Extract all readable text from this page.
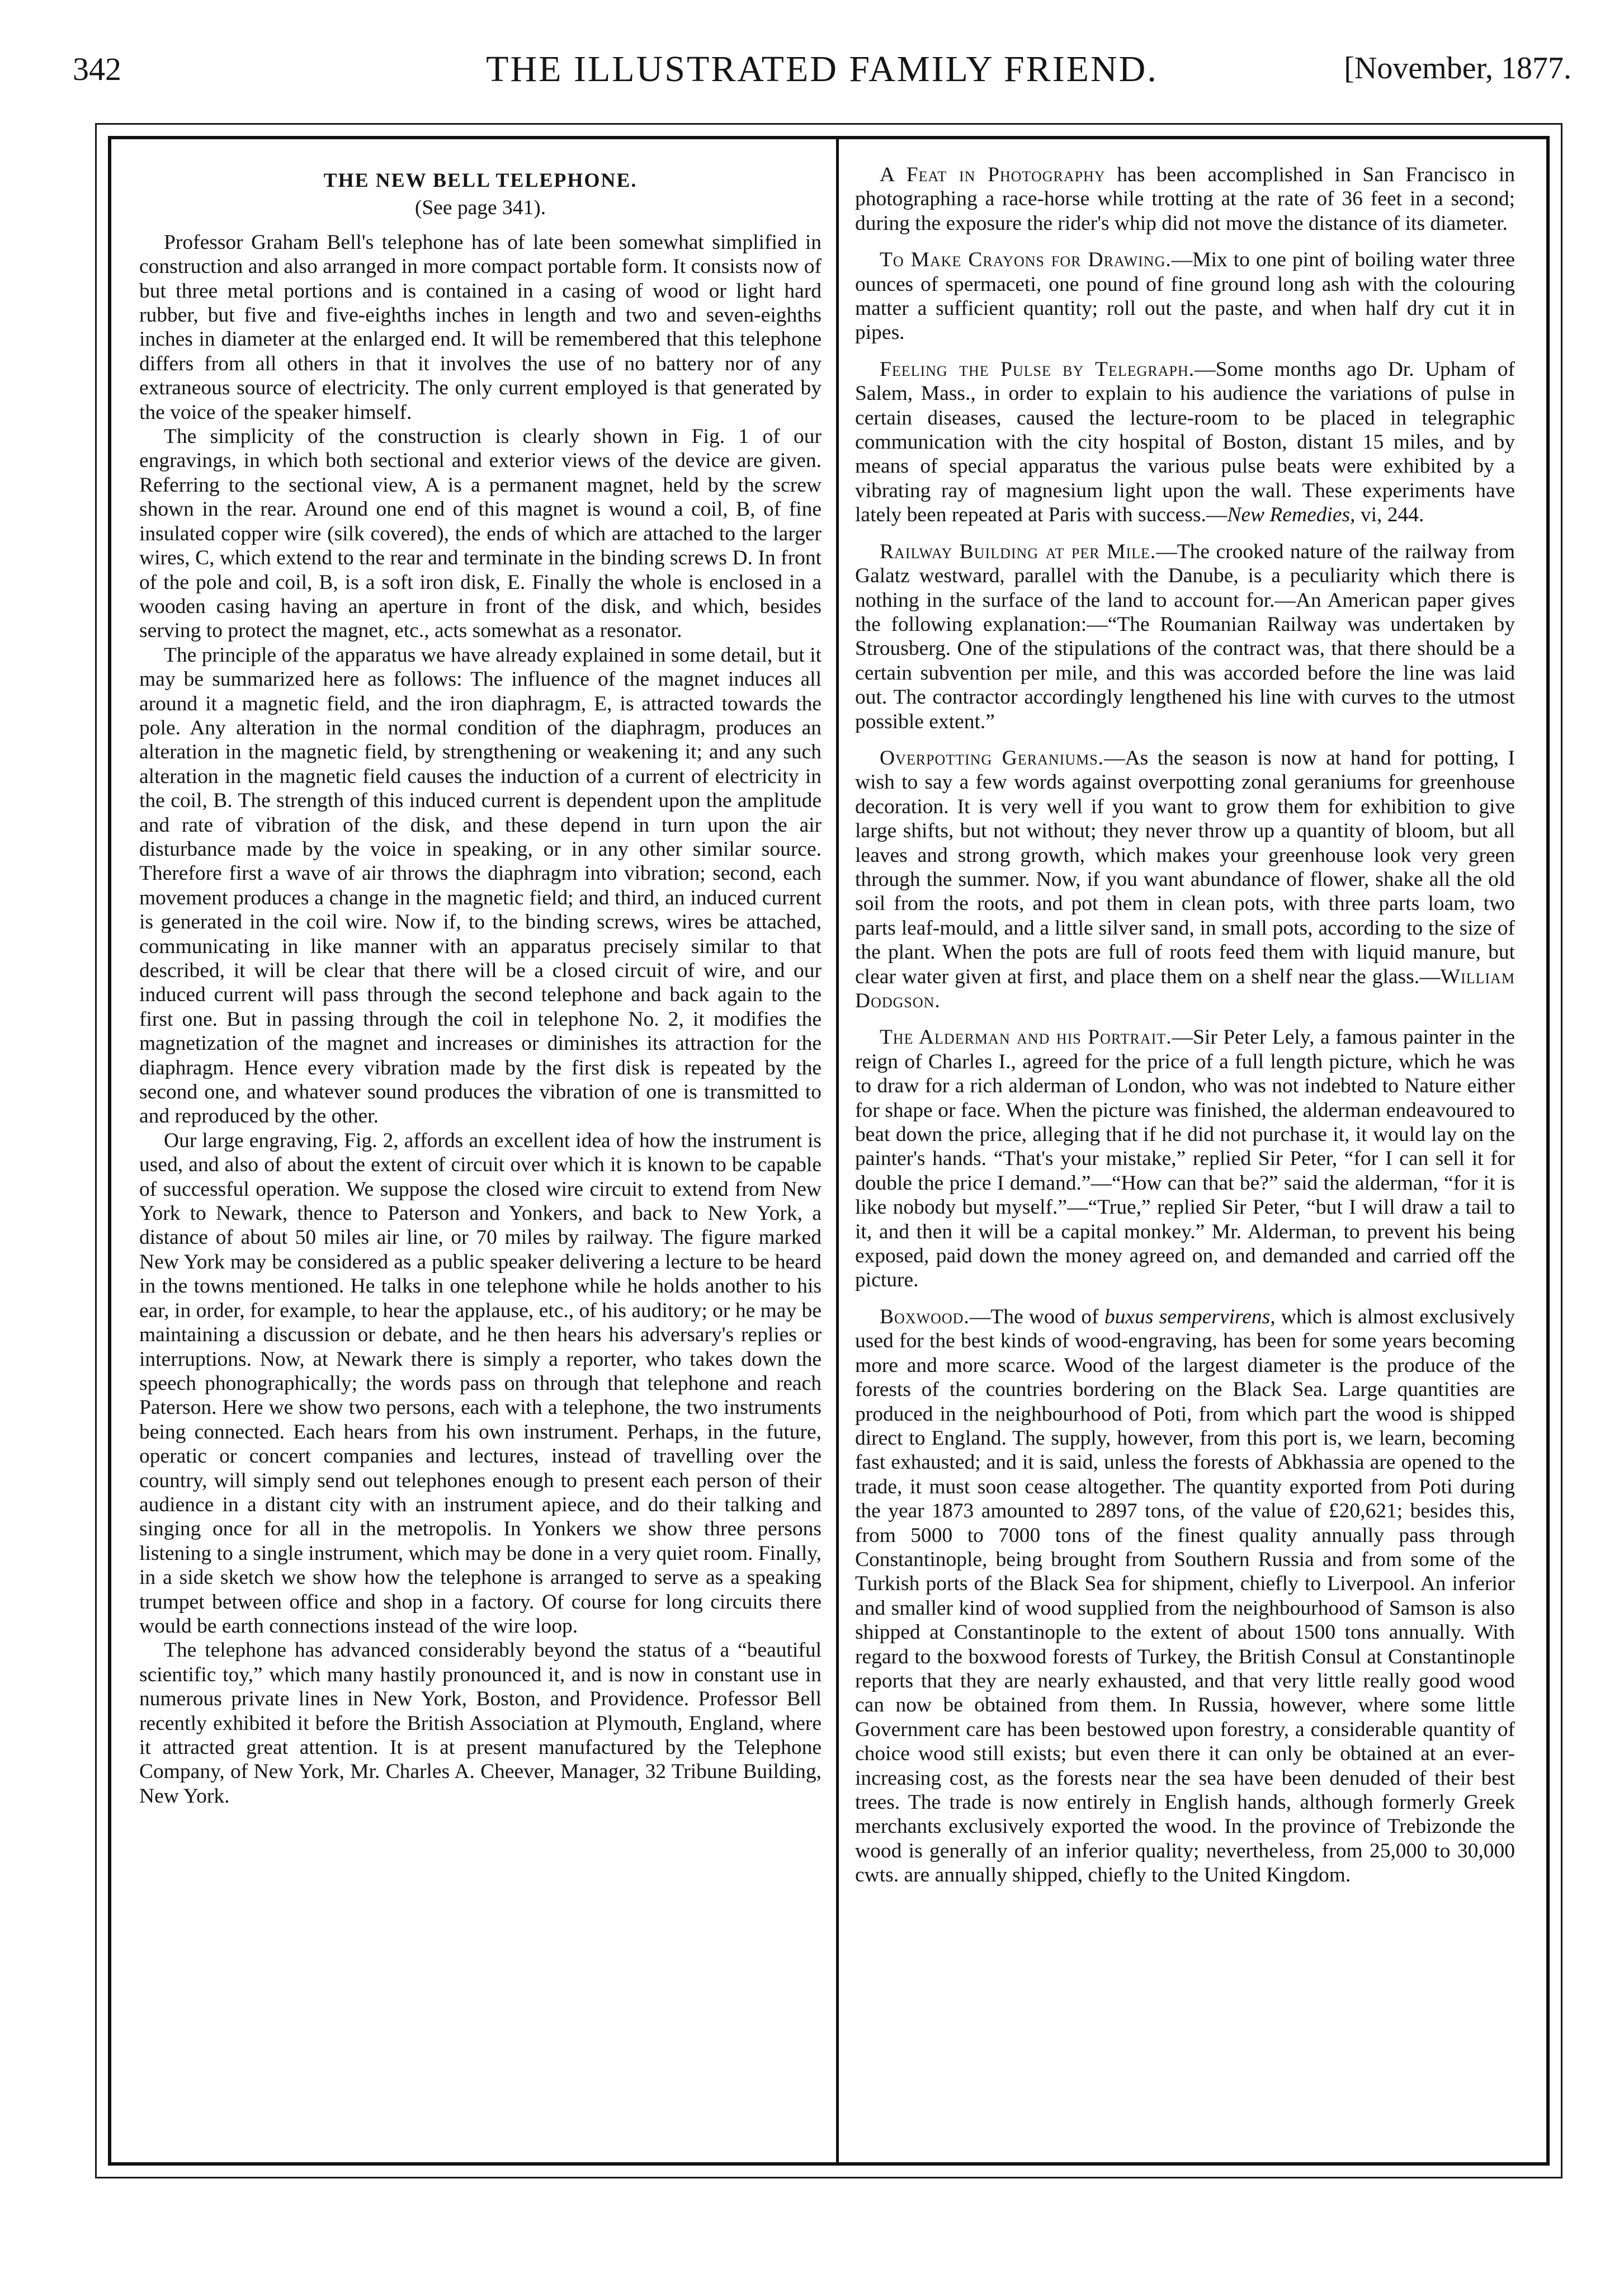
342	THE ILLUSTRATED FAMILY FRIEND.	[November, 1877.
THE NEW BELL TELEPHONE.
(See page 341).

Professor Graham Bell's telephone has of late been somewhat simplified in construction and also arranged in more compact portable form. It consists now of but three metal portions and is contained in a casing of wood or light hard rubber, but five and five-eighths inches in length and two and seven-eighths inches in diameter at the enlarged end. It will be remembered that this telephone differs from all others in that it involves the use of no battery nor of any extraneous source of electricity. The only current employed is that generated by the voice of the speaker himself.

The simplicity of the construction is clearly shown in Fig. 1 of our engravings, in which both sectional and exterior views of the device are given. Referring to the sectional view, A is a permanent magnet, held by the screw shown in the rear. Around one end of this magnet is wound a coil, B, of fine insulated copper wire (silk covered), the ends of which are attached to the larger wires, C, which extend to the rear and terminate in the binding screws D. In front of the pole and coil, B, is a soft iron disk, E. Finally the whole is enclosed in a wooden casing having an aperture in front of the disk, and which, besides serving to protect the magnet, etc., acts somewhat as a resonator.

The principle of the apparatus we have already explained in some detail, but it may be summarized here as follows: The influence of the magnet induces all around it a magnetic field, and the iron diaphragm, E, is attracted towards the pole. Any alteration in the normal condition of the diaphragm, produces an alteration in the magnetic field, by strengthening or weakening it; and any such alteration in the magnetic field causes the induction of a current of electricity in the coil, B. The strength of this induced current is dependent upon the amplitude and rate of vibration of the disk, and these depend in turn upon the air disturbance made by the voice in speaking, or in any other similar source. Therefore first a wave of air throws the diaphragm into vibration; second, each movement produces a change in the magnetic field; and third, an induced current is generated in the coil wire. Now if, to the binding screws, wires be attached, communicating in like manner with an apparatus precisely similar to that described, it will be clear that there will be a closed circuit of wire, and our induced current will pass through the second telephone and back again to the first one. But in passing through the coil in telephone No. 2, it modifies the magnetization of the magnet and increases or diminishes its attraction for the diaphragm. Hence every vibration made by the first disk is repeated by the second one, and whatever sound produces the vibration of one is transmitted to and reproduced by the other.

Our large engraving, Fig. 2, affords an excellent idea of how the instrument is used, and also of about the extent of circuit over which it is known to be capable of successful operation. We suppose the closed wire circuit to extend from New York to Newark, thence to Paterson and Yonkers, and back to New York, a distance of about 50 miles air line, or 70 miles by railway. The figure marked New York may be considered as a public speaker delivering a lecture to be heard in the towns mentioned. He talks in one telephone while he holds another to his ear, in order, for example, to hear the applause, etc., of his auditory; or he may be maintaining a discussion or debate, and he then hears his adversary's replies or interruptions. Now, at Newark there is simply a reporter, who takes down the speech phonographically; the words pass on through that telephone and reach Paterson. Here we show two persons, each with a telephone, the two instruments being connected. Each hears from his own instrument. Perhaps, in the future, operatic or concert companies and lectures, instead of travelling over the country, will simply send out telephones enough to present each person of their audience in a distant city with an instrument apiece, and do their talking and singing once for all in the metropolis. In Yonkers we show three persons listening to a single instrument, which may be done in a very quiet room. Finally, in a side sketch we show how the telephone is arranged to serve as a speaking trumpet between office and shop in a factory. Of course for long circuits there would be earth connections instead of the wire loop.

The telephone has advanced considerably beyond the status of a “beautiful scientific toy,” which many hastily pronounced it, and is now in constant use in numerous private lines in New York, Boston, and Providence. Professor Bell recently exhibited it before the British Association at Plymouth, England, where it attracted great attention. It is at present manufactured by the Telephone Company, of New York, Mr. Charles A. Cheever, Manager, 32 Tribune Building, New York.

A Feat in Photography has been accomplished in San Francisco in photographing a race-horse while trotting at the rate of 36 feet in a second; during the exposure the rider's whip did not move the distance of its diameter.
To Make Crayons for Drawing.—Mix to one pint of boiling water three ounces of spermaceti, one pound of fine ground long ash with the colouring matter a sufficient quantity; roll out the paste, and when half dry cut it in pipes.
Feeling the Pulse by Telegraph.—Some months ago Dr. Upham of Salem, Mass., in order to explain to his audience the variations of pulse in certain diseases, caused the lecture-room to be placed in telegraphic communication with the city hospital of Boston, distant 15 miles, and by means of special apparatus the various pulse beats were exhibited by a vibrating ray of magnesium light upon the wall. These experiments have lately been repeated at Paris with success.—New Remedies, vi, 244.
Railway Building at per Mile.—The crooked nature of the railway from Galatz westward, parallel with the Danube, is a peculiarity which there is nothing in the surface of the land to account for.—An American paper gives the following explanation:—“The Roumanian Railway was undertaken by Strousberg. One of the stipulations of the contract was, that there should be a certain subvention per mile, and this was accorded before the line was laid out. The contractor accordingly lengthened his line with curves to the utmost possible extent.”
Overpotting Geraniums.—As the season is now at hand for potting, I wish to say a few words against overpotting zonal geraniums for greenhouse decoration. It is very well if you want to grow them for exhibition to give large shifts, but not without; they never throw up a quantity of bloom, but all leaves and strong growth, which makes your greenhouse look very green through the summer. Now, if you want abundance of flower, shake all the old soil from the roots, and pot them in clean pots, with three parts loam, two parts leaf-mould, and a little silver sand, in small pots, according to the size of the plant. When the pots are full of roots feed them with liquid manure, but clear water given at first, and place them on a shelf near the glass.—William Dodgson.
The Alderman and his Portrait.—Sir Peter Lely, a famous painter in the reign of Charles I., agreed for the price of a full length picture, which he was to draw for a rich alderman of London, who was not indebted to Nature either for shape or face. When the picture was finished, the alderman endeavoured to beat down the price, alleging that if he did not purchase it, it would lay on the painter's hands. “That's your mistake,” replied Sir Peter, “for I can sell it for double the price I demand.”—“How can that be?” said the alderman, “for it is like nobody but myself.”—“True,” replied Sir Peter, “but I will draw a tail to it, and then it will be a capital monkey.” Mr. Alderman, to prevent his being exposed, paid down the money agreed on, and demanded and carried off the picture.
Boxwood.—The wood of buxus sempervirens, which is almost exclusively used for the best kinds of wood-engraving, has been for some years becoming more and more scarce. Wood of the largest diameter is the produce of the forests of the countries bordering on the Black Sea. Large quantities are produced in the neighbourhood of Poti, from which part the wood is shipped direct to England. The supply, however, from this port is, we learn, becoming fast exhausted; and it is said, unless the forests of Abkhassia are opened to the trade, it must soon cease altogether. The quantity exported from Poti during the year 1873 amounted to 2897 tons, of the value of £20,621; besides this, from 5000 to 7000 tons of the finest quality annually pass through Constantinople, being brought from Southern Russia and from some of the Turkish ports of the Black Sea for shipment, chiefly to Liverpool. An inferior and smaller kind of wood supplied from the neighbourhood of Samson is also shipped at Constantinople to the extent of about 1500 tons annually. With regard to the boxwood forests of Turkey, the British Consul at Constantinople reports that they are nearly exhausted, and that very little really good wood can now be obtained from them. In Russia, however, where some little Government care has been bestowed upon forestry, a considerable quantity of choice wood still exists; but even there it can only be obtained at an ever-increasing cost, as the forests near the sea have been denuded of their best trees. The trade is now entirely in English hands, although formerly Greek merchants exclusively exported the wood. In the province of Trebizonde the wood is generally of an inferior quality; nevertheless, from 25,000 to 30,000 cwts. are annually shipped, chiefly to the United Kingdom.
